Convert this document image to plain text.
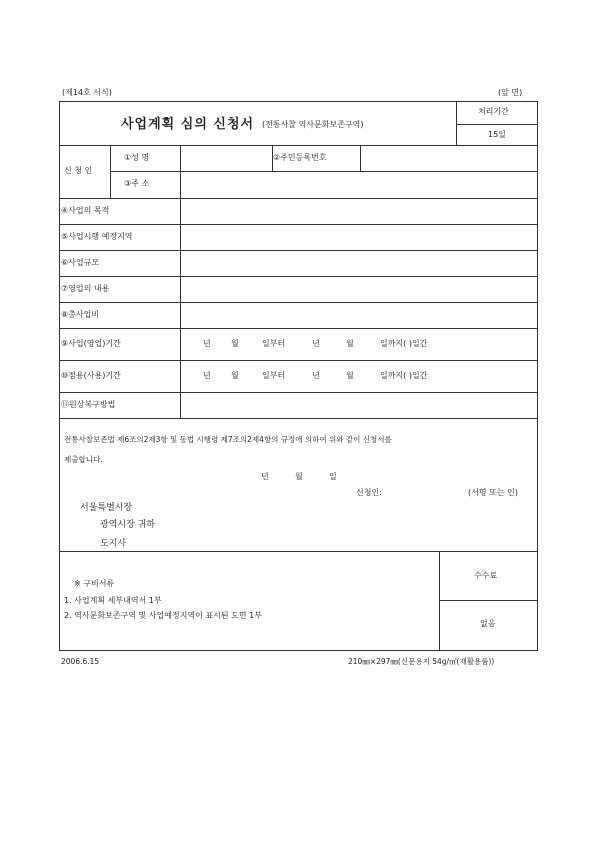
(제14호 서식)	(앞 면)
사업계획 심의 신청서 (전통사찰 역사문화보존구역)
처리기간
15일
신 청 인
①성 명	②주민등록번호
③주 소
④사업의 목적
⑤사업시행 예정지역
⑥사업규모
⑦영업의 내용
⑧총사업비
⑨사업(영업)기간	년	월	일부터	년	월	일까지( )일간
⑩점용(사용)기간	년	월	일부터	년	월	일까지( )일간
⑪원상복구방법
전통사찰보존법 제6조의2제3항 및 동법 시행령 제7조의2제4항의 규정에 의하여 위와 같이 신청서를
제출합니다.
년	월	일
신청인:	(서명 또는 인)
서울특별시장
광역시장 귀하
도지사
※ 구비서류
1. 사업계획 세부내역서 1부
2. 역사문화보존구역 및 사업예정지역이 표시된 도면 1부
수수료
없음
2006.6.15	210㎜×297㎜(신문용지 54g/㎡(재활용품))
